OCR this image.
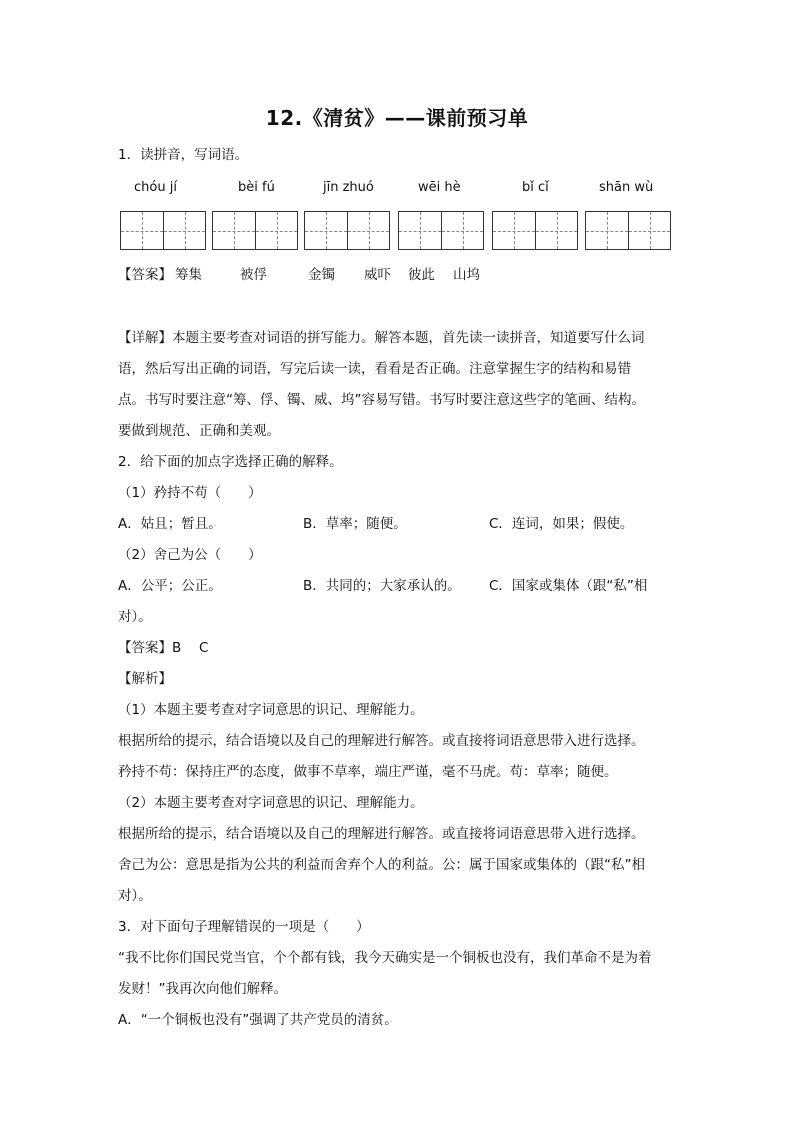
12.《清贫》——课前预习单
1．读拼音，写词语。
chóu jí	bèi fú	jīn zhuó	wēi hè	bǐ cǐ	shān wù
【答案】 筹集	被俘	金镯 威吓 彼此 山坞
【详解】本题主要考查对词语的拼写能力。解答本题，首先读一读拼音，知道要写什么词
语，然后写出正确的词语，写完后读一读，看看是否正确。注意掌握生字的结构和易错
点。书写时要注意“筹、俘、镯、威、坞”容易写错。书写时要注意这些字的笔画、结构。
要做到规范、正确和美观。
2．给下面的加点字选择正确的解释。
（1）矜持不苟（　　）
A．姑且；暂且。	B．草率；随便。	C．连词，如果；假使。
（2）舍己为公（　　）
A．公平；公正。	B．共同的；大家承认的。 C．国家或集体（跟“私”相
对）。
【答案】B　 C
【解析】
（1）本题主要考查对字词意思的识记、理解能力。
根据所给的提示，结合语境以及自己的理解进行解答。或直接将词语意思带入进行选择。
矜持不苟：保持庄严的态度，做事不草率，端庄严谨，毫不马虎。苟：草率；随便。
（2）本题主要考查对字词意思的识记、理解能力。
根据所给的提示，结合语境以及自己的理解进行解答。或直接将词语意思带入进行选择。
舍己为公：意思是指为公共的利益而舍弃个人的利益。公：属于国家或集体的（跟“私”相
对）。
3．对下面句子理解错误的一项是（　　）
“我不比你们国民党当官，个个都有钱，我今天确实是一个铜板也没有，我们革命不是为着
发财！”我再次向他们解释。
A．“一个铜板也没有”强调了共产党员的清贫。
